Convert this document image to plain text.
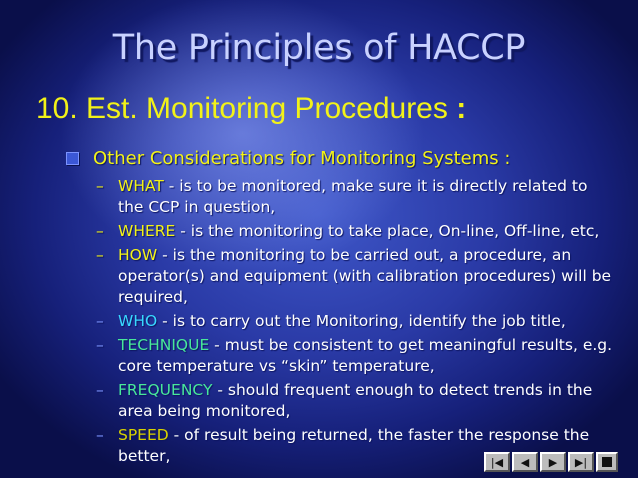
The Principles of HACCP
10. Est. Monitoring Procedures :
Other Considerations for Monitoring Systems :
– WHAT - is to be monitored, make sure it is directly related to the CCP in question,
– WHERE - is the monitoring to take place, On-line, Off-line, etc,
– HOW - is the monitoring to be carried out, a procedure, an operator(s) and equipment (with calibration procedures) will be required,
– WHO - is to carry out the Monitoring, identify the job title,
– TECHNIQUE - must be consistent to get meaningful results, e.g. core temperature vs “skin” temperature,
– FREQUENCY - should frequent enough to detect trends in the area being monitored,
– SPEED - of result being returned, the faster the response the better,	|◀ ◀ ▶ ▶|
